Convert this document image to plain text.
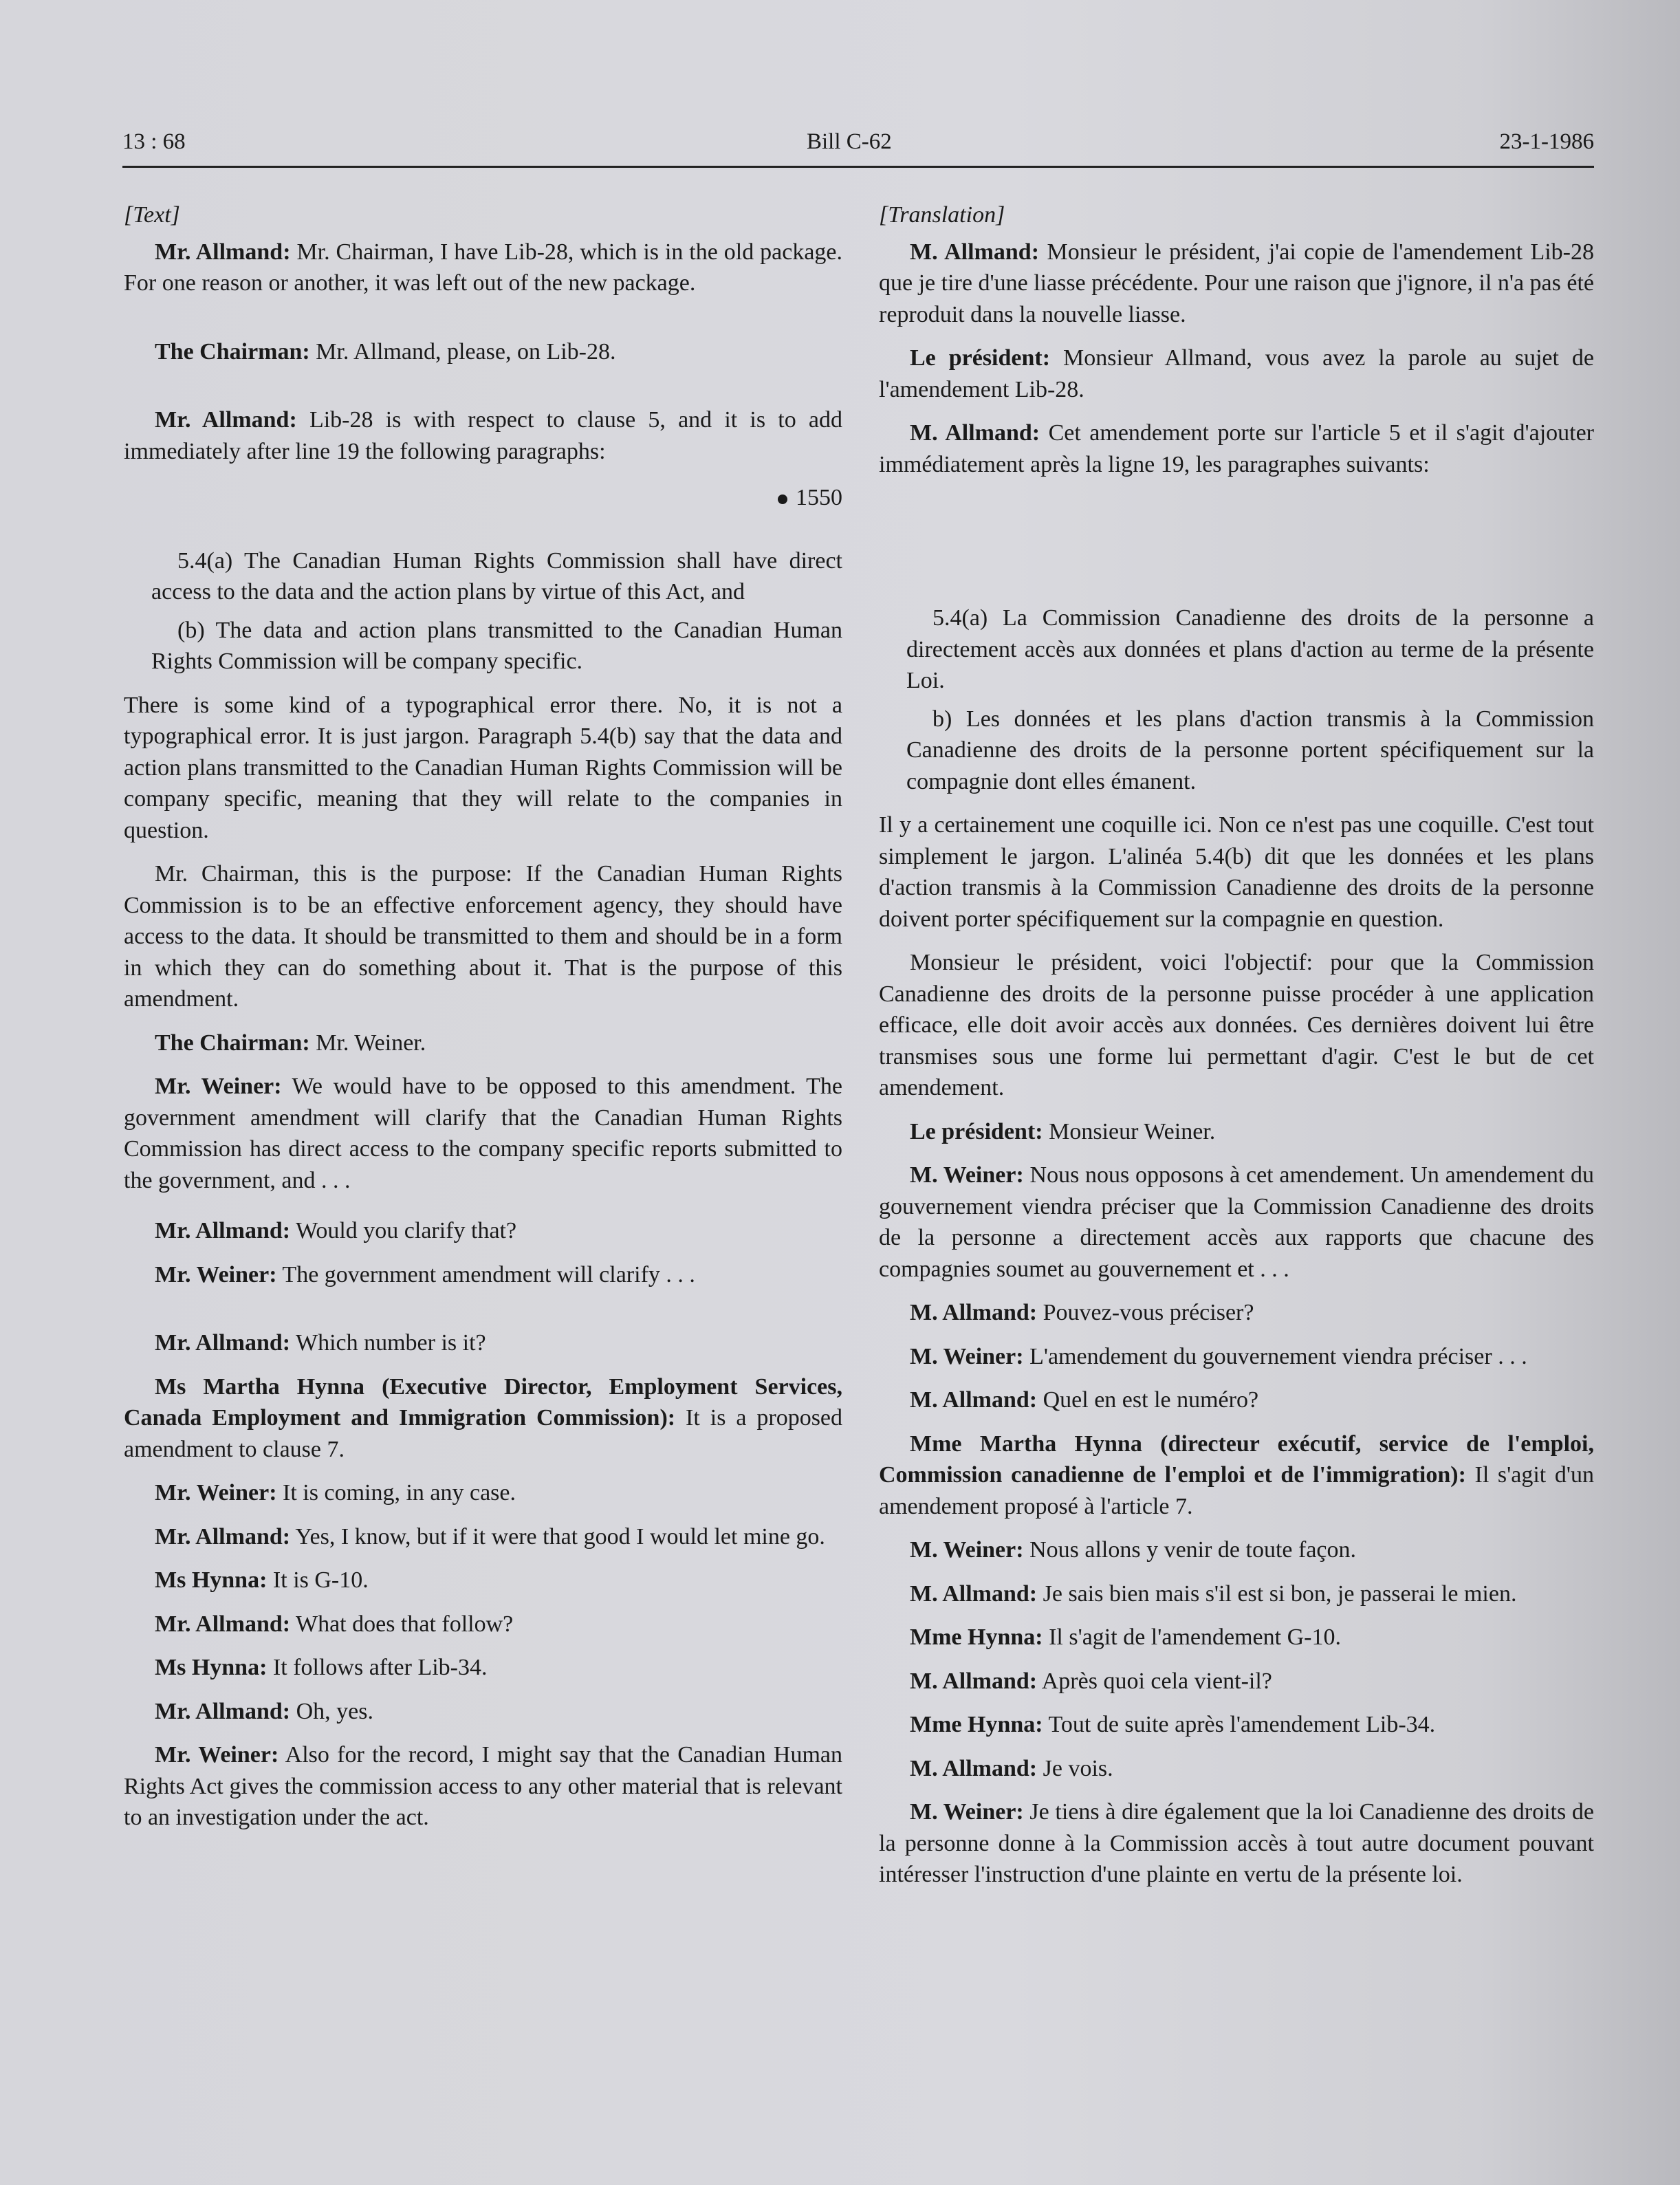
13 : 68	Bill C-62	23-1-1986
[Text]

Mr. Allmand: Mr. Chairman, I have Lib-28, which is in the old package. For one reason or another, it was left out of the new package.

The Chairman: Mr. Allmand, please, on Lib-28.

Mr. Allmand: Lib-28 is with respect to clause 5, and it is to add immediately after line 19 the following paragraphs:

1550

5.4(a) The Canadian Human Rights Commission shall have direct access to the data and the action plans by virtue of this Act, and

(b) The data and action plans transmitted to the Canadian Human Rights Commission will be company specific.

There is some kind of a typographical error there. No, it is not a typographical error. It is just jargon. Paragraph 5.4(b) say that the data and action plans transmitted to the Canadian Human Rights Commission will be company specific, meaning that they will relate to the companies in question.

Mr. Chairman, this is the purpose: If the Canadian Human Rights Commission is to be an effective enforcement agency, they should have access to the data. It should be transmitted to them and should be in a form in which they can do something about it. That is the purpose of this amendment.

The Chairman: Mr. Weiner.

Mr. Weiner: We would have to be opposed to this amendment. The government amendment will clarify that the Canadian Human Rights Commission has direct access to the company specific reports submitted to the government, and . . .

Mr. Allmand: Would you clarify that?

Mr. Weiner: The government amendment will clarify . . .

Mr. Allmand: Which number is it?

Ms Martha Hynna (Executive Director, Employment Services, Canada Employment and Immigration Commission): It is a proposed amendment to clause 7.

Mr. Weiner: It is coming, in any case.

Mr. Allmand: Yes, I know, but if it were that good I would let mine go.

Ms Hynna: It is G-10.

Mr. Allmand: What does that follow?

Ms Hynna: It follows after Lib-34.

Mr. Allmand: Oh, yes.

Mr. Weiner: Also for the record, I might say that the Canadian Human Rights Act gives the commission access to any other material that is relevant to an investigation under the act.

[Translation]

M. Allmand: Monsieur le président, j'ai copie de l'amendement Lib-28 que je tire d'une liasse précédente. Pour une raison que j'ignore, il n'a pas été reproduit dans la nouvelle liasse.

Le président: Monsieur Allmand, vous avez la parole au sujet de l'amendement Lib-28.

M. Allmand: Cet amendement porte sur l'article 5 et il s'agit d'ajouter immédiatement après la ligne 19, les paragraphes suivants:

5.4(a) La Commission Canadienne des droits de la personne a directement accès aux données et plans d'action au terme de la présente Loi.

b) Les données et les plans d'action transmis à la Commission Canadienne des droits de la personne portent spécifiquement sur la compagnie dont elles émanent.

Il y a certainement une coquille ici. Non ce n'est pas une coquille. C'est tout simplement le jargon. L'alinéa 5.4(b) dit que les données et les plans d'action transmis à la Commission Canadienne des droits de la personne doivent porter spécifiquement sur la compagnie en question.

Monsieur le président, voici l'objectif: pour que la Commission Canadienne des droits de la personne puisse procéder à une application efficace, elle doit avoir accès aux données. Ces dernières doivent lui être transmises sous une forme lui permettant d'agir. C'est le but de cet amendement.

Le président: Monsieur Weiner.

M. Weiner: Nous nous opposons à cet amendement. Un amendement du gouvernement viendra préciser que la Commission Canadienne des droits de la personne a directement accès aux rapports que chacune des compagnies soumet au gouvernement et . . .

M. Allmand: Pouvez-vous préciser?

M. Weiner: L'amendement du gouvernement viendra préciser . . .

M. Allmand: Quel en est le numéro?

Mme Martha Hynna (directeur exécutif, service de l'emploi, Commission canadienne de l'emploi et de l'immigration): Il s'agit d'un amendement proposé à l'article 7.

M. Weiner: Nous allons y venir de toute façon.

M. Allmand: Je sais bien mais s'il est si bon, je passerai le mien.

Mme Hynna: Il s'agit de l'amendement G-10.

M. Allmand: Après quoi cela vient-il?

Mme Hynna: Tout de suite après l'amendement Lib-34.

M. Allmand: Je vois.

M. Weiner: Je tiens à dire également que la loi Canadienne des droits de la personne donne à la Commission accès à tout autre document pouvant intéresser l'instruction d'une plainte en vertu de la présente loi.
